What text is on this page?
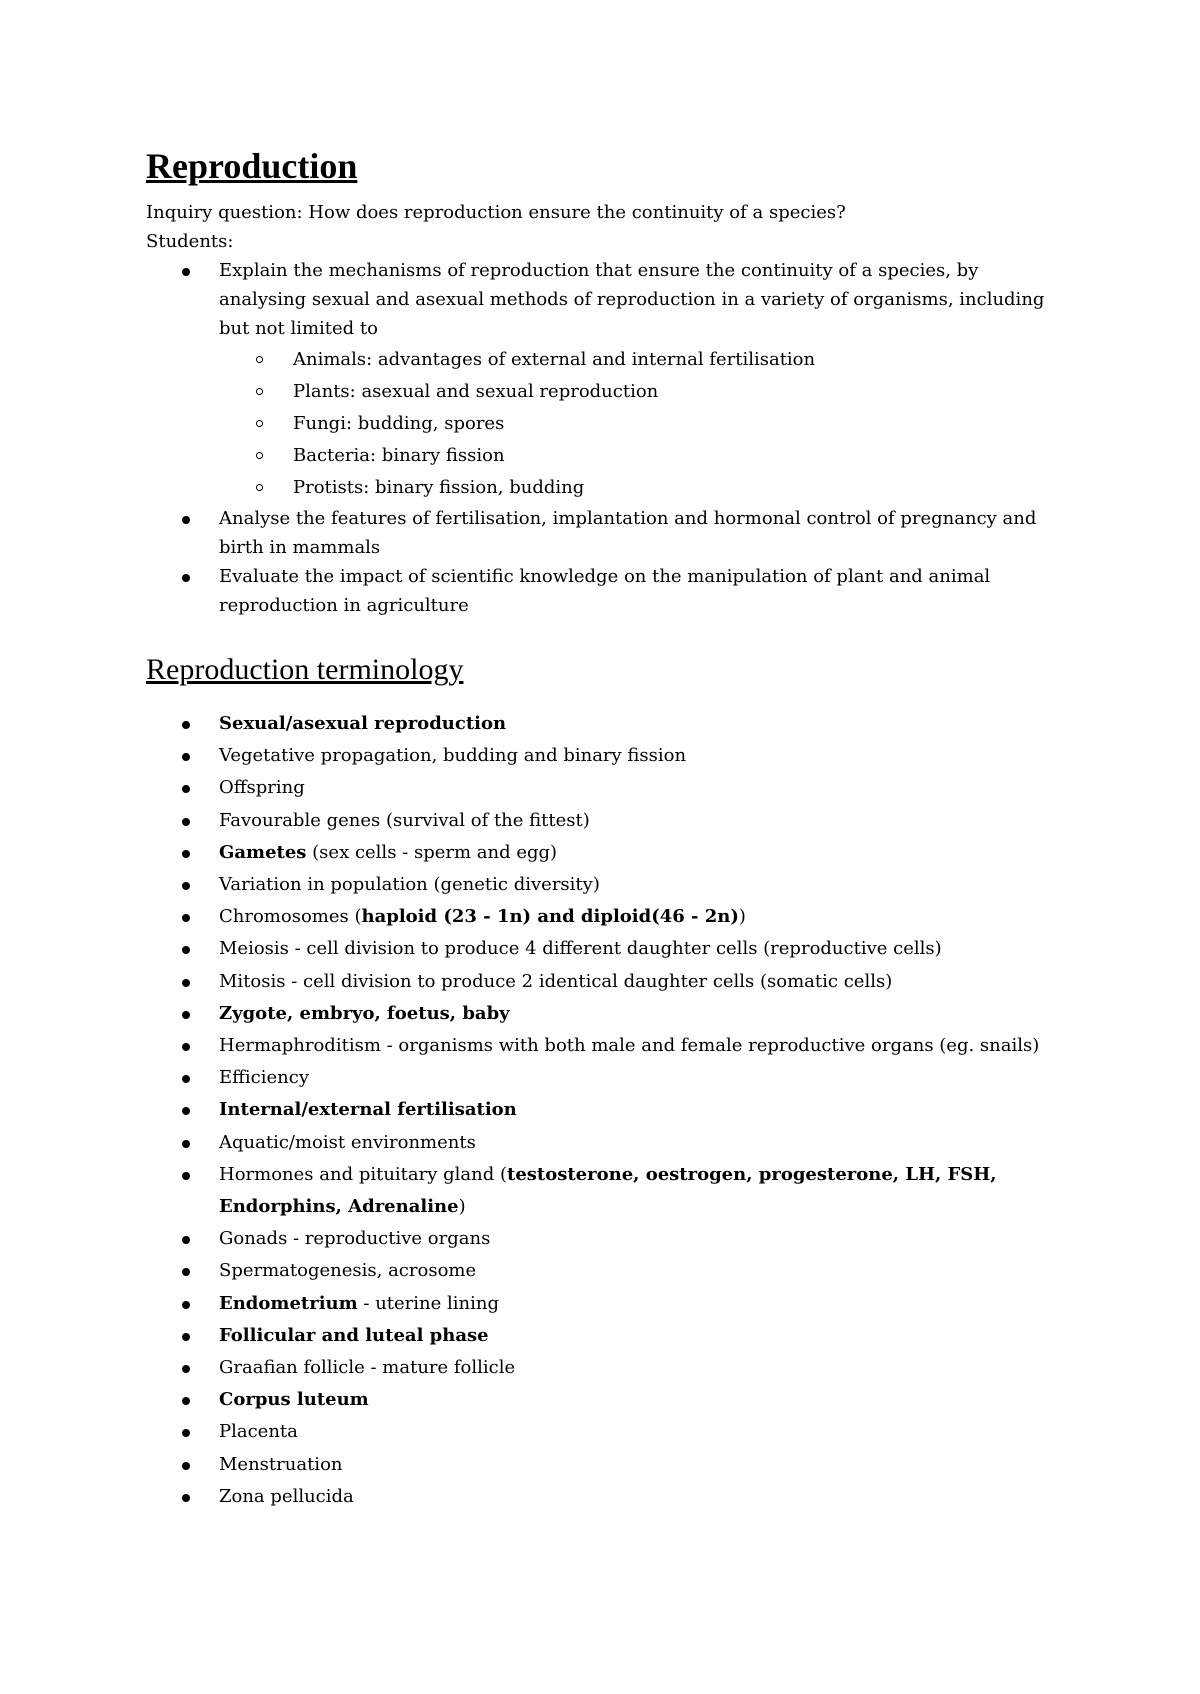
Reproduction

Inquiry question: How does reproduction ensure the continuity of a species?

Students:

Explain the mechanisms of reproduction that ensure the continuity of a species, by analysing sexual and asexual methods of reproduction in a variety of organisms, including but not limited to
Animals: advantages of external and internal fertilisation
Plants: asexual and sexual reproduction
Fungi: budding, spores
Bacteria: binary fission
Protists: binary fission, budding
Analyse the features of fertilisation, implantation and hormonal control of pregnancy and birth in mammals
Evaluate the impact of scientific knowledge on the manipulation of plant and animal reproduction in agriculture
Reproduction terminology
Sexual/asexual reproduction
Vegetative propagation, budding and binary fission
Offspring
Favourable genes (survival of the fittest)
Gametes (sex cells - sperm and egg)
Variation in population (genetic diversity)
Chromosomes (haploid (23 - 1n) and diploid(46 - 2n))
Meiosis - cell division to produce 4 different daughter cells (reproductive cells)
Mitosis - cell division to produce 2 identical daughter cells (somatic cells)
Zygote, embryo, foetus, baby
Hermaphroditism - organisms with both male and female reproductive organs (eg. snails)
Efficiency
Internal/external fertilisation
Aquatic/moist environments
Hormones and pituitary gland (testosterone, oestrogen, progesterone, LH, FSH, Endorphins, Adrenaline)
Gonads - reproductive organs
Spermatogenesis, acrosome
Endometrium - uterine lining
Follicular and luteal phase
Graafian follicle - mature follicle
Corpus luteum
Placenta
Menstruation
Zona pellucida
